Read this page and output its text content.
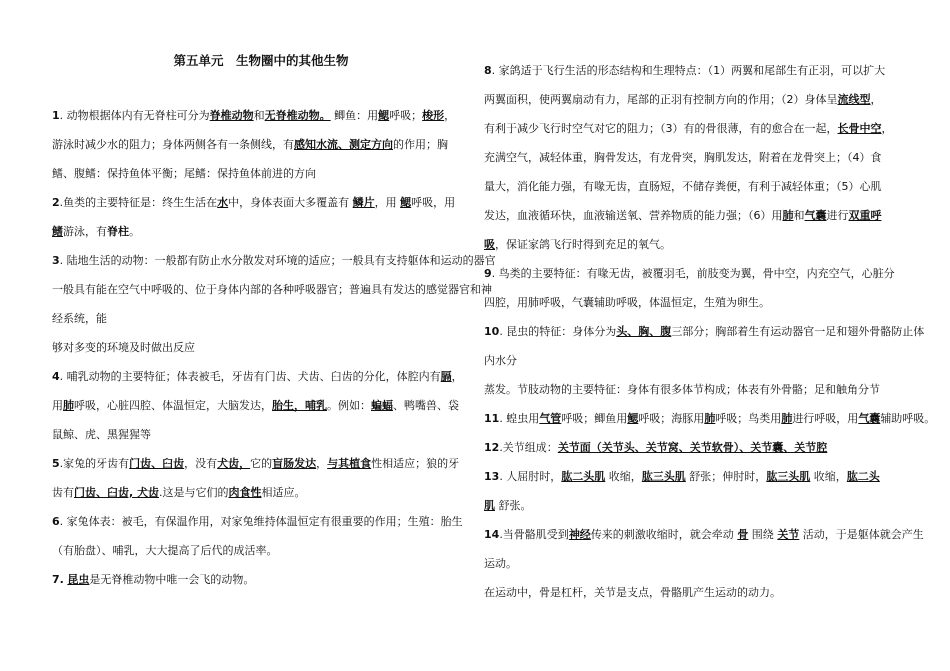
第五单元　生物圈中的其他生物
1. 动物根据体内有无脊柱可分为脊椎动物和无脊椎动物。 鲫鱼：用鳃呼吸；梭形，
游泳时减少水的阻力；身体两侧各有一条侧线，有感知水流、测定方向的作用；胸
鳍、腹鳍：保持鱼体平衡；尾鳍：保持鱼体前进的方向
2.鱼类的主要特征是：终生生活在水中，身体表面大多覆盖有 鳞片，用 鳃呼吸，用
鳍游泳，有脊柱。
3. 陆地生活的动物：一般都有防止水分散发对环境的适应；一般具有支持躯体和运动的器官
一般具有能在空气中呼吸的、位于身体内部的各种呼吸器官；普遍具有发达的感觉器官和神
经系统，能
够对多变的环境及时做出反应
4. 哺乳动物的主要特征；体表被毛，牙齿有门齿、犬齿、臼齿的分化，体腔内有膈，
用肺呼吸，心脏四腔、体温恒定，大脑发达，胎生，哺乳。例如：蝙蝠、鸭嘴兽、袋
鼠鲸、虎、黑猩猩等
5.家兔的牙齿有门齿、臼齿，没有犬齿，它的盲肠发达，与其植食性相适应；狼的牙
齿有门齿、臼齿, 犬齿.这是与它们的肉食性相适应。
6. 家兔体表：被毛，有保温作用，对家兔维持体温恒定有很重要的作用；生殖：胎生
（有胎盘）、哺乳，大大提高了后代的成活率。
7. 昆虫是无脊椎动物中唯一会飞的动物。
8. 家鸽适于飞行生活的形态结构和生理特点：（1）两翼和尾部生有正羽，可以扩大
两翼面积，使两翼扇动有力，尾部的正羽有控制方向的作用；（2）身体呈流线型，
有利于减少飞行时空气对它的阻力；（3）有的骨很薄，有的愈合在一起，长骨中空，
充满空气，减轻体重，胸骨发达，有龙骨突，胸肌发达，附着在龙骨突上；（4）食
量大，消化能力强，有喙无齿，直肠短，不储存粪便，有利于减轻体重；（5）心肌
发达，血液循环快，血液输送氧、营养物质的能力强；（6）用肺和气囊进行双重呼
吸，保证家鸽飞行时得到充足的氧气。
9. 鸟类的主要特征：有喙无齿，被覆羽毛，前肢变为翼，骨中空，内充空气，心脏分
四腔，用肺呼吸，气囊辅助呼吸，体温恒定，生殖为卵生。
10. 昆虫的特征：身体分为头、胸、腹三部分；胸部着生有运动器官一足和翅外骨骼防止体
内水分
蒸发。节肢动物的主要特征：身体有很多体节构成；体表有外骨骼；足和触角分节
11. 蝗虫用气管呼吸；鲫鱼用鳃呼吸；海豚用肺呼吸；鸟类用肺进行呼吸，用气囊辅助呼吸。
12.关节组成：关节面（关节头、关节窝、关节软骨）、关节囊、关节腔
13. 人屈肘时，肱二头肌 收缩，肱三头肌 舒张；伸肘时，肱三头肌 收缩，肱二头
肌 舒张。
14.当骨骼肌受到神经传来的刺激收缩时，就会牵动 骨 围绕 关节 活动，于是躯体就会产生
运动。
在运动中，骨是杠杆，关节是支点，骨骼肌产生运动的动力。
